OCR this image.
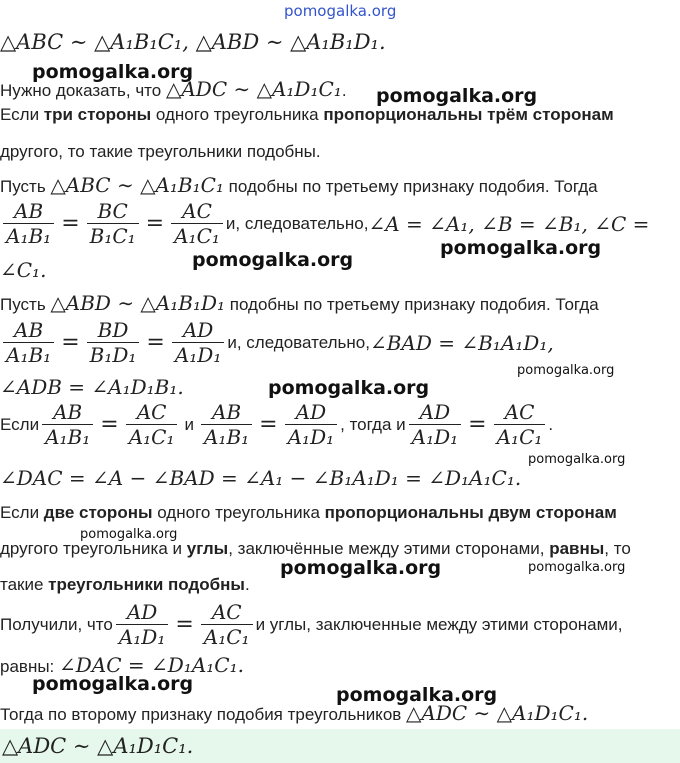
pomogalka.org
△ABC ∼ △A₁B₁C₁, △ABD ∼ △A₁B₁D₁.
Нужно доказать, что △ADC ∼ △A₁D₁C₁.
Если три стороны одного треугольника пропорциональны трём сторонам
другого, то такие треугольники подобны.
Пусть △ABC ∼ △A₁B₁C₁ подобны по третьему признаку подобия. Тогда
$\frac{AB}{\text{A₁B₁}} = \frac{BC}{\text{B₁C₁}} = \frac{AC}{\text{A₁C₁}} и$, следовательно, ∠A = ∠A₁, ∠B = ∠B₁, ∠C =
∠C₁.
Пусть △ABD ∼ △A₁B₁D₁ подобны по третьему признаку подобия. Тогда
$\frac{AB}{\text{A₁B₁}} = \frac{BD}{\text{B₁D₁}} = \frac{AD}{\text{A₁D₁}} и$, следовательно, ∠BAD = ∠B₁A₁D₁,
∠ADB = ∠A₁D₁B₁.
Если $\frac{AB}{\text{A₁B₁}} = \frac{AC}{\text{A₁C₁}}$ и $\frac{AB}{\text{A₁B₁}} = \frac{AD}{\text{A₁D₁}}$ , тогда и $\frac{AD}{\text{A₁D₁}} = \frac{AC}{\text{A₁C₁}}$ .
∠DAC = ∠A − ∠BAD = ∠A₁ − ∠B₁A₁D₁ = ∠D₁A₁C₁.
Если две стороны одного треугольника пропорциональны двум сторонам
другого треугольника и углы, заключённые между этими сторонами, равны, то
такие треугольники подобны.
Получили, что $\frac{AD}{\text{A₁D₁}} = \frac{AC}{\text{A₁C₁}}$ и углы, заключенные между этими сторонами,
равны: ∠DAC = ∠D₁A₁C₁.
Тогда по второму признаку подобия треугольников △ADC ∼ △A₁D₁C₁.
△ADC ∼ △A₁D₁C₁.
pomogalka.org
pomogalka.org
pomogalka.org
pomogalka.org
pomogalka.org
pomogalka.org
pomogalka.org
pomogalka.org
pomogalka.org	pomogalka.org
pomogalka.org	pomogalka.org
